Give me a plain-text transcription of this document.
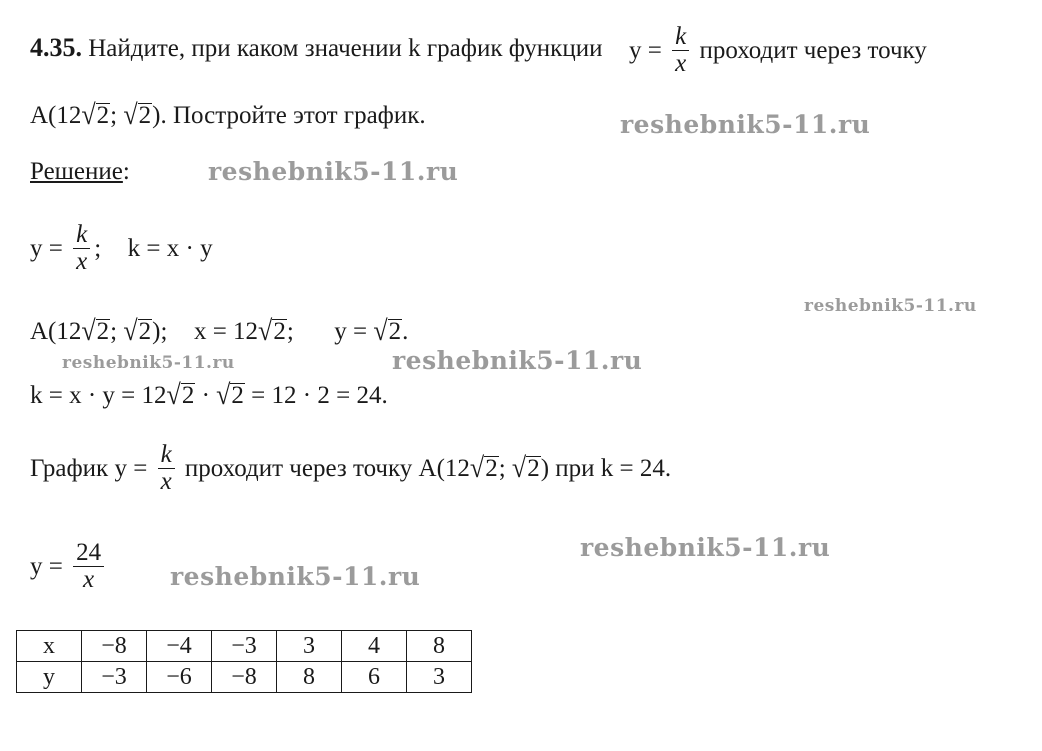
4.35. Найдите, при каком значении k график функции $y = \frac{k}{x}$ проходит через точку
A(12√2; √2). Постройте этот график.
Решение:
$y = \frac{k}{x}$ ; k = x · y
A(12√2; √2); x = 12√2; y = √2.
k = x · y = 12√2 · √2 = 12 · 2 = 24.
График $y = \frac{k}{x}$ проходит через точку A(12√2; √2) при k = 24.
$y = \frac{24}{x}$
x	−8	−4	−3	3	4	8
y	−3	−6	−8	8	6	3
reshebnik5-11.ru
reshebnik5-11.ru
reshebnik5-11.ru
reshebnik5-11.ru	reshebnik5-11.ru
reshebnik5-11.ru
reshebnik5-11.ru
